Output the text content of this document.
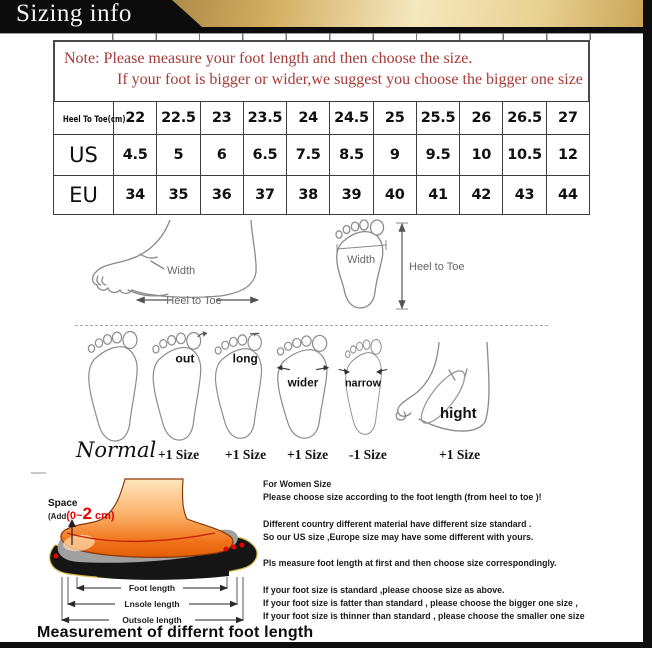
Sizing info
Note: Please measure your foot length and then choose the size.
If your foot is bigger or wider,we suggest you choose the bigger one size
Heel To Toe(cm)	22	22.5	23	23.5	24	24.5	25	25.5	26	26.5	27
US	4.5	5	6	6.5	7.5	8.5	9	9.5	10	10.5	12
EU	34	35	36	37	38	39	40	41	42	43	44
Width
Heel to Toe
Width
Heel to Toe
out	long
wider narrow
hight
Normal +1 Size +1 Size +1 Size -1 Size	+1 Size
Space
(Add(0~2 cm)
Foot length
Lnsole length
Outsole length
Measurement of differnt foot length
For Women Size
Please choose size according to the foot length (from heel to toe )!
Different country different material have different size standard .
So our US size ,Europe size may have some different with yours.
Pls measure foot length at first and then choose size correspondingly.
If your foot size is standard ,please choose size as above.
If your foot size is fatter than standard , please choose the bigger one size ,
If your foot size is thinner than standard , please choose the smaller one size
